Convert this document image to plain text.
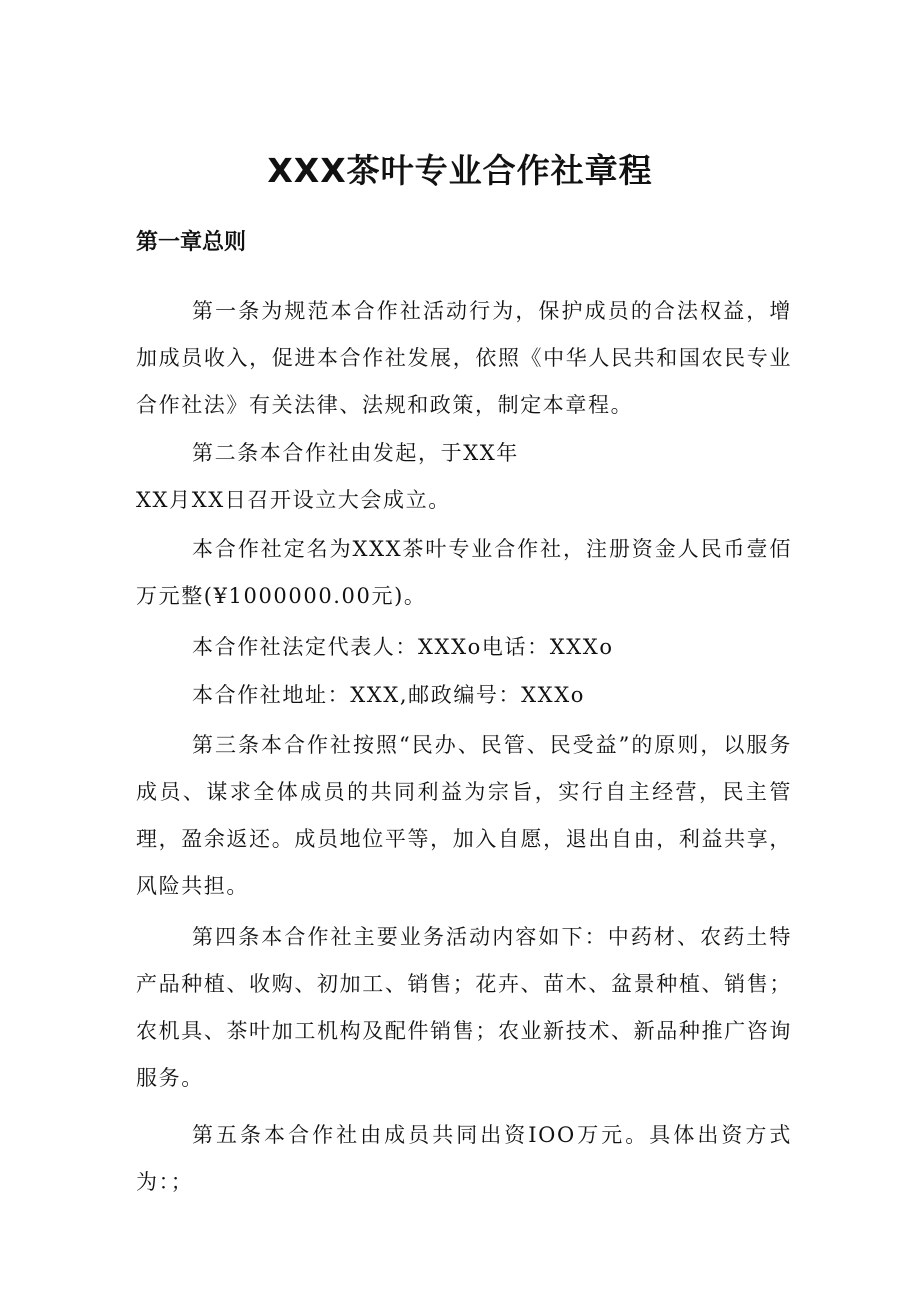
XXX茶叶专业合作社章程
第一章总则

第一条为规范本合作社活动行为，保护成员的合法权益，增加成员收入，促进本合作社发展，依照《中华人民共和国农民专业合作社法》有关法律、法规和政策，制定本章程。

第二条本合作社由发起，于XX年

XX月XX日召开设立大会成立。

本合作社定名为XXX茶叶专业合作社，注册资金人民币壹佰万元整(¥1000000.00元)。

本合作社法定代表人：XXXo电话：XXXo

本合作社地址：XXX,邮政编号：XXXo

第三条本合作社按照“民办、民管、民受益”的原则，以服务成员、谋求全体成员的共同利益为宗旨，实行自主经营，民主管理，盈余返还。成员地位平等，加入自愿，退出自由，利益共享，风险共担。

第四条本合作社主要业务活动内容如下：中药材、农药土特产品种植、收购、初加工、销售；花卉、苗木、盆景种植、销售；农机具、茶叶加工机构及配件销售；农业新技术、新品种推广咨询服务。

第五条本合作社由成员共同出资IOO万元。具体出资方式为：；
